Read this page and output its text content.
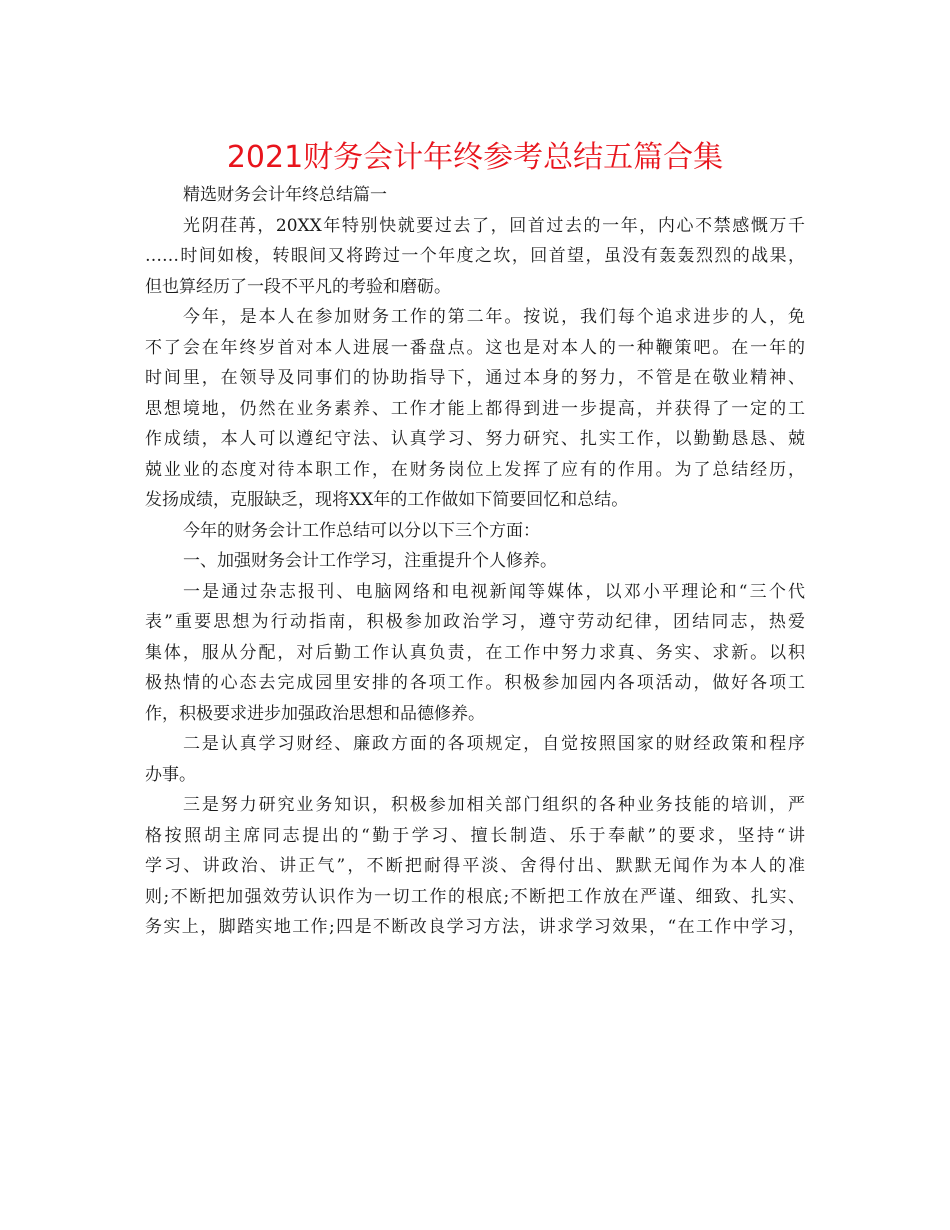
2021财务会计年终参考总结五篇合集
精选财务会计年终总结篇一
光阴荏苒，20XX年特别快就要过去了，回首过去的一年，内心不禁感慨万千
……时间如梭，转眼间又将跨过一个年度之坎，回首望，虽没有轰轰烈烈的战果，
但也算经历了一段不平凡的考验和磨砺。
今年，是本人在参加财务工作的第二年。按说，我们每个追求进步的人，免
不了会在年终岁首对本人进展一番盘点。这也是对本人的一种鞭策吧。在一年的
时间里，在领导及同事们的协助指导下，通过本身的努力，不管是在敬业精神、
思想境地，仍然在业务素养、工作才能上都得到进一步提高，并获得了一定的工
作成绩，本人可以遵纪守法、认真学习、努力研究、扎实工作，以勤勤恳恳、兢
兢业业的态度对待本职工作，在财务岗位上发挥了应有的作用。为了总结经历，
发扬成绩，克服缺乏，现将XX年的工作做如下简要回忆和总结。
今年的财务会计工作总结可以分以下三个方面：
一、加强财务会计工作学习，注重提升个人修养。
一是通过杂志报刊、电脑网络和电视新闻等媒体，以邓小平理论和“三个代
表”重要思想为行动指南，积极参加政治学习，遵守劳动纪律，团结同志，热爱
集体，服从分配，对后勤工作认真负责，在工作中努力求真、务实、求新。以积
极热情的心态去完成园里安排的各项工作。积极参加园内各项活动，做好各项工
作，积极要求进步加强政治思想和品德修养。
二是认真学习财经、廉政方面的各项规定，自觉按照国家的财经政策和程序
办事。
三是努力研究业务知识，积极参加相关部门组织的各种业务技能的培训，严
格按照胡主席同志提出的“勤于学习、擅长制造、乐于奉献”的要求，坚持“讲
学习、讲政治、讲正气”，不断把耐得平淡、舍得付出、默默无闻作为本人的准
则;不断把加强效劳认识作为一切工作的根底;不断把工作放在严谨、细致、扎实、
务实上，脚踏实地工作;四是不断改良学习方法，讲求学习效果，“在工作中学习，
